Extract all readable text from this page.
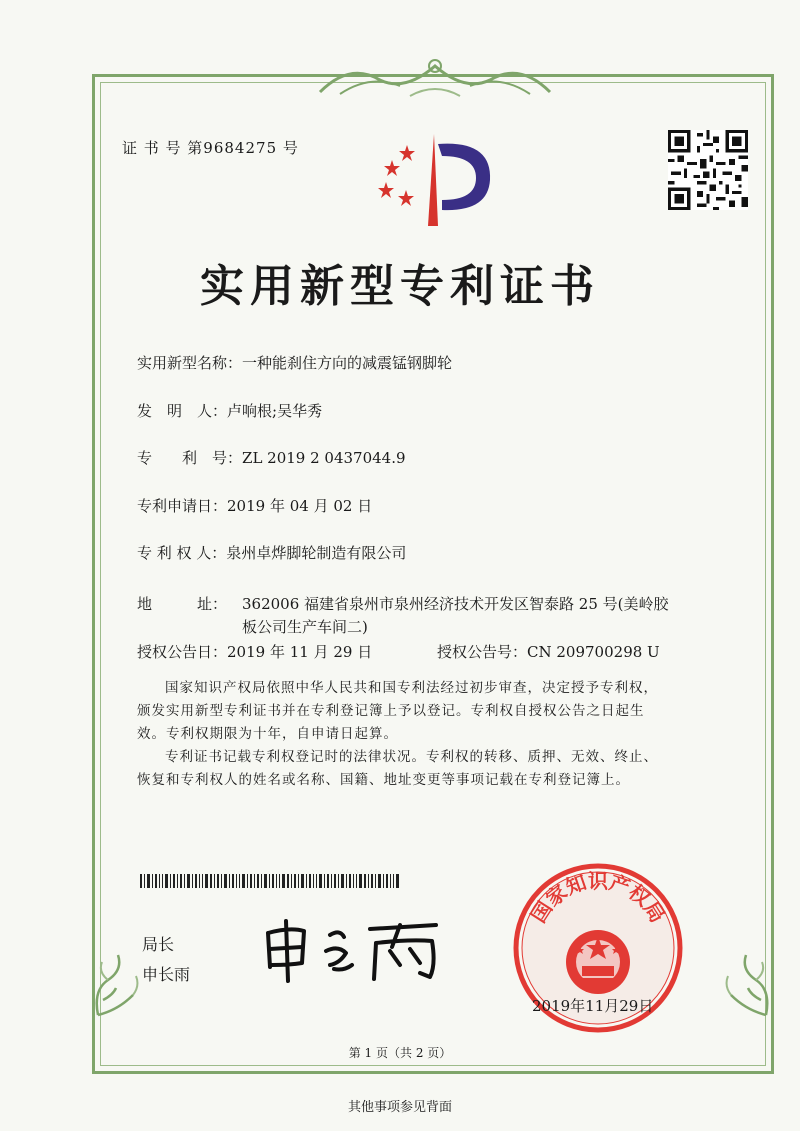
证 书 号 第9684275 号
实用新型专利证书
实用新型名称：一种能刹住方向的减震锰钢脚轮
发　明　人：卢响根;吴华秀
专　　利　号：ZL 2019 2 0437044.9
专利申请日：2019 年 04 月 02 日
专 利 权 人：泉州卓烨脚轮制造有限公司
地　　　址： 362006 福建省泉州市泉州经济技术开发区智泰路 25 号(美岭胶板公司生产车间二)
授权公告日：2019 年 11 月 29 日	授权公告号：CN 209700298 U
国家知识产权局依照中华人民共和国专利法经过初步审查，决定授予专利权，颁发实用新型专利证书并在专利登记簿上予以登记。专利权自授权公告之日起生效。专利权期限为十年，自申请日起算。
专利证书记载专利权登记时的法律状况。专利权的转移、质押、无效、终止、恢复和专利权人的姓名或名称、国籍、地址变更等事项记载在专利登记簿上。
局长
申长雨
国家知识产权局
2019年11月29日
第 1 页（共 2 页）
其他事项参见背面
